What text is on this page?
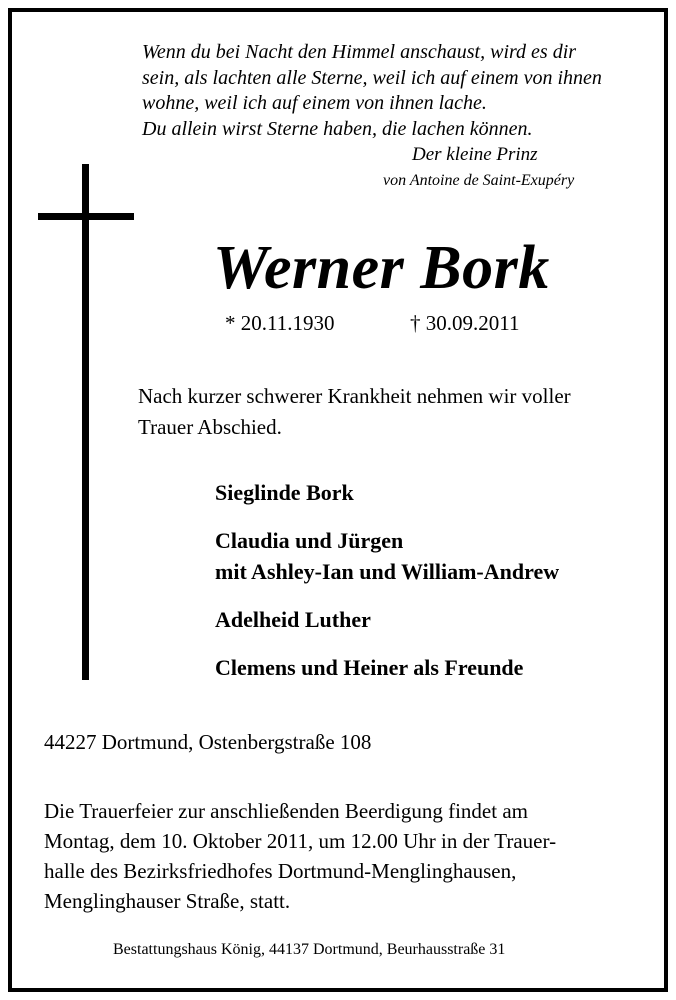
Wenn du bei Nacht den Himmel anschaust, wird es dir
sein, als lachten alle Sterne, weil ich auf einem von ihnen
wohne, weil ich auf einem von ihnen lache.
Du allein wirst Sterne haben, die lachen können.
Der kleine Prinz
von Antoine de Saint-Exupéry
Werner Bork
* 20.11.1930	† 30.09.2011
Nach kurzer schwerer Krankheit nehmen wir voller
Trauer Abschied.
Sieglinde Bork
Claudia und Jürgen
mit Ashley-Ian und William-Andrew
Adelheid Luther
Clemens und Heiner als Freunde
44227 Dortmund, Ostenbergstraße 108
Die Trauerfeier zur anschließenden Beerdigung findet am
Montag, dem 10. Oktober 2011, um 12.00 Uhr in der Trauer-
halle des Bezirksfriedhofes Dortmund-Menglinghausen,
Menglinghauser Straße, statt.
Bestattungshaus König, 44137 Dortmund, Beurhausstraße 31
